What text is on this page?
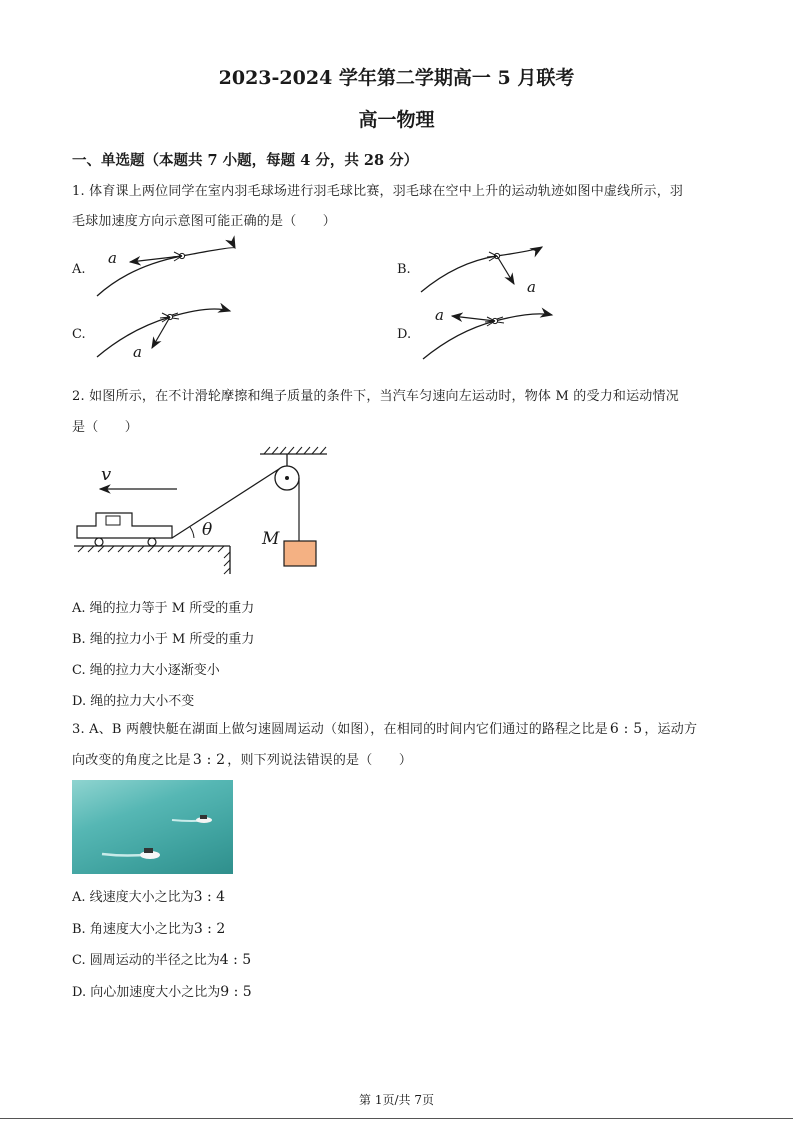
2023-2024 学年第二学期高一 5 月联考
高一物理
一、单选题（本题共 7 小题，每题 4 分，共 28 分）
1. 体育课上两位同学在室内羽毛球场进行羽毛球比赛，羽毛球在空中上升的运动轨迹如图中虚线所示，羽
毛球加速度方向示意图可能正确的是（　　）
A.	B.
C.	D.
a
a
a
a
2. 如图所示，在不计滑轮摩擦和绳子质量的条件下，当汽车匀速向左运动时，物体 M 的受力和运动情况
是（　　）
v
θ	M
A. 绳的拉力等于 M 所受的重力
B. 绳的拉力小于 M 所受的重力
C. 绳的拉力大小逐渐变小
D. 绳的拉力大小不变
3. A、B 两艘快艇在湖面上做匀速圆周运动（如图），在相同的时间内它们通过的路程之比是 6 : 5 ，运动方
向改变的角度之比是 3 : 2 ，则下列说法错误的是（　　）
A. 线速度大小之比为3 : 4
B. 角速度大小之比为3 : 2
C. 圆周运动的半径之比为4 : 5
D. 向心加速度大小之比为9 : 5
第 1页/共 7页
